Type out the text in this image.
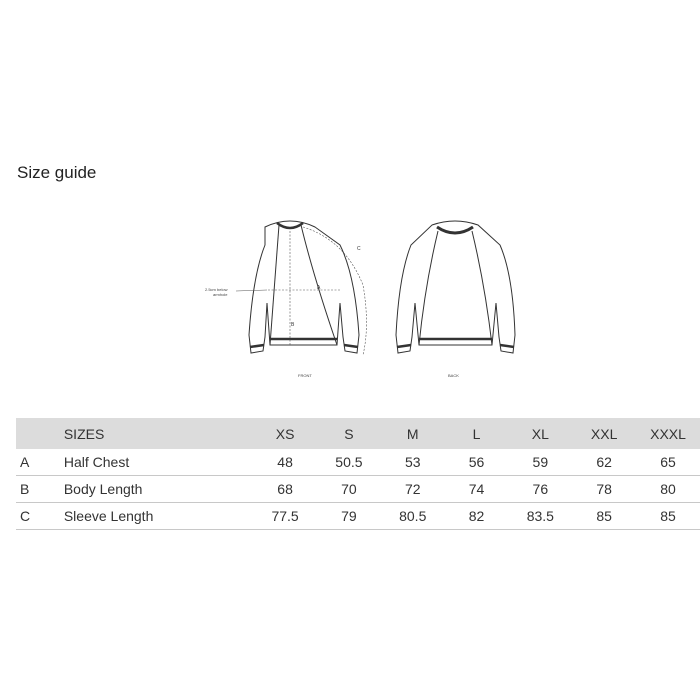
Size guide
A
B
C
2.5cm below armhole
FRONT	BACK
	SIZES	XS	S	M	L	XL	XXL	XXXL
A	Half Chest	48	50.5	53	56	59	62	65
B	Body Length	68	70	72	74	76	78	80
C	Sleeve Length	77.5	79	80.5	82	83.5	85	85
